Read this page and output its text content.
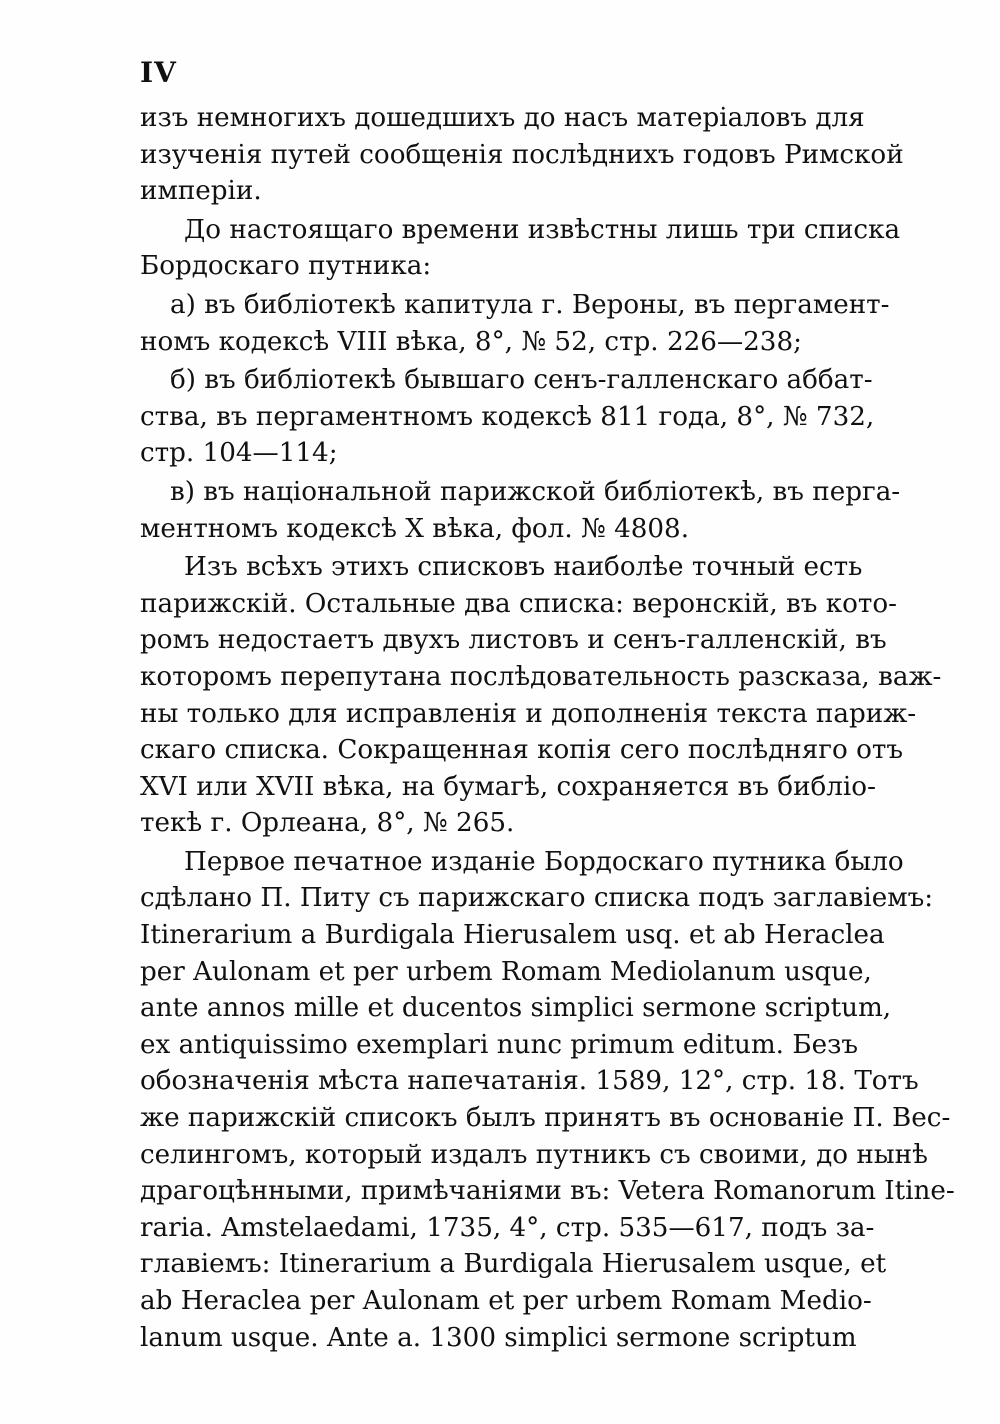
IV
изъ немногихъ дошедшихъ до насъ матеріаловъ для
изученія путей сообщенія послѣднихъ годовъ Римской
имперіи.
До настоящаго времени извѣстны лишь три списка
Бордоскаго путника:
а) въ библіотекѣ капитула г. Вероны, въ пергамент-
номъ кодексѣ VIII вѣка, 8°, № 52, стр. 226—238;
б) въ библіотекѣ бывшаго сенъ-галленскаго аббат-
ства, въ пергаментномъ кодексѣ 811 года, 8°, № 732,
стр. 104—114;
в) въ національной парижской библіотекѣ, въ перга-
ментномъ кодексѣ X вѣка, фол. № 4808.
Изъ всѣхъ этихъ списковъ наиболѣе точный есть
парижскій. Остальные два списка: веронскій, въ кото-
ромъ недостаетъ двухъ листовъ и сенъ-галленскій, въ
которомъ перепутана послѣдовательность разсказа, важ-
ны только для исправленія и дополненія текста париж-
скаго списка. Сокращенная копія сего послѣдняго отъ
XVI или XVII вѣка, на бумагѣ, сохраняется въ библіо-
текѣ г. Орлеана, 8°, № 265.
Первое печатное изданіе Бордоскаго путника было
сдѣлано П. Питу съ парижскаго списка подъ заглавіемъ:
Itinerarium a Burdigala Hierusalem usq. et ab Heraclea
per Aulonam et per urbem Romam Mediolanum usque,
ante annos mille et ducentos simplici sermone scriptum,
ex antiquissimo exemplari nunc primum editum. Безъ
обозначенія мѣста напечатанія. 1589, 12°, стр. 18. Тотъ
же парижскій списокъ былъ принятъ въ основаніе П. Вес-
селингомъ, который издалъ путникъ съ своими, до нынѣ
драгоцѣнными, примѣчаніями въ: Vetera Romanorum Itine-
raria. Amstelaedami, 1735, 4°, стр. 535—617, подъ за-
главіемъ: Itinerarium a Burdigala Hierusalem usque, et
ab Heraclea per Aulonam et per urbem Romam Medio-
lanum usque. Ante a. 1300 simplici sermone scriptum
